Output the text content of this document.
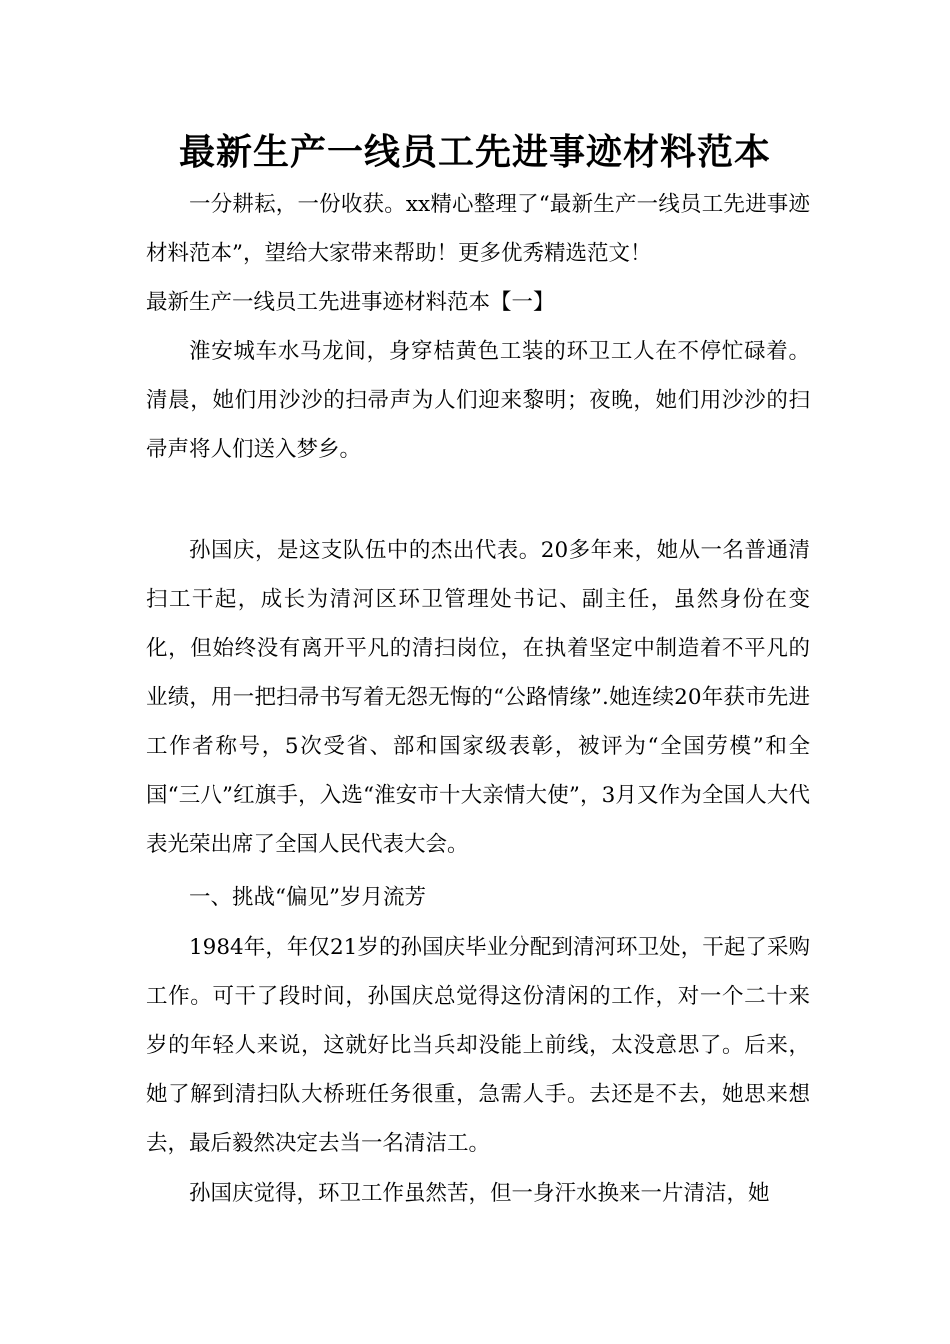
最新生产一线员工先进事迹材料范本

一分耕耘，一份收获。xx精心整理了“最新生产一线员工先进事迹材料范本”，望给大家带来帮助！更多优秀精选范文！

最新生产一线员工先进事迹材料范本【一】

淮安城车水马龙间，身穿桔黄色工装的环卫工人在不停忙碌着。清晨，她们用沙沙的扫帚声为人们迎来黎明；夜晚，她们用沙沙的扫帚声将人们送入梦乡。

孙国庆，是这支队伍中的杰出代表。20多年来，她从一名普通清扫工干起，成长为清河区环卫管理处书记、副主任，虽然身份在变化，但始终没有离开平凡的清扫岗位，在执着坚定中制造着不平凡的业绩，用一把扫帚书写着无怨无悔的“公路情缘”.她连续20年获市先进工作者称号，5次受省、部和国家级表彰，被评为“全国劳模”和全国“三八”红旗手，入选“淮安市十大亲情大使”，3月又作为全国人大代表光荣出席了全国人民代表大会。

一、挑战“偏见”岁月流芳

1984年，年仅21岁的孙国庆毕业分配到清河环卫处，干起了采购工作。可干了段时间，孙国庆总觉得这份清闲的工作，对一个二十来岁的年轻人来说，这就好比当兵却没能上前线，太没意思了。后来，她了解到清扫队大桥班任务很重，急需人手。去还是不去，她思来想去，最后毅然决定去当一名清洁工。

孙国庆觉得，环卫工作虽然苦，但一身汗水换来一片清洁，她
